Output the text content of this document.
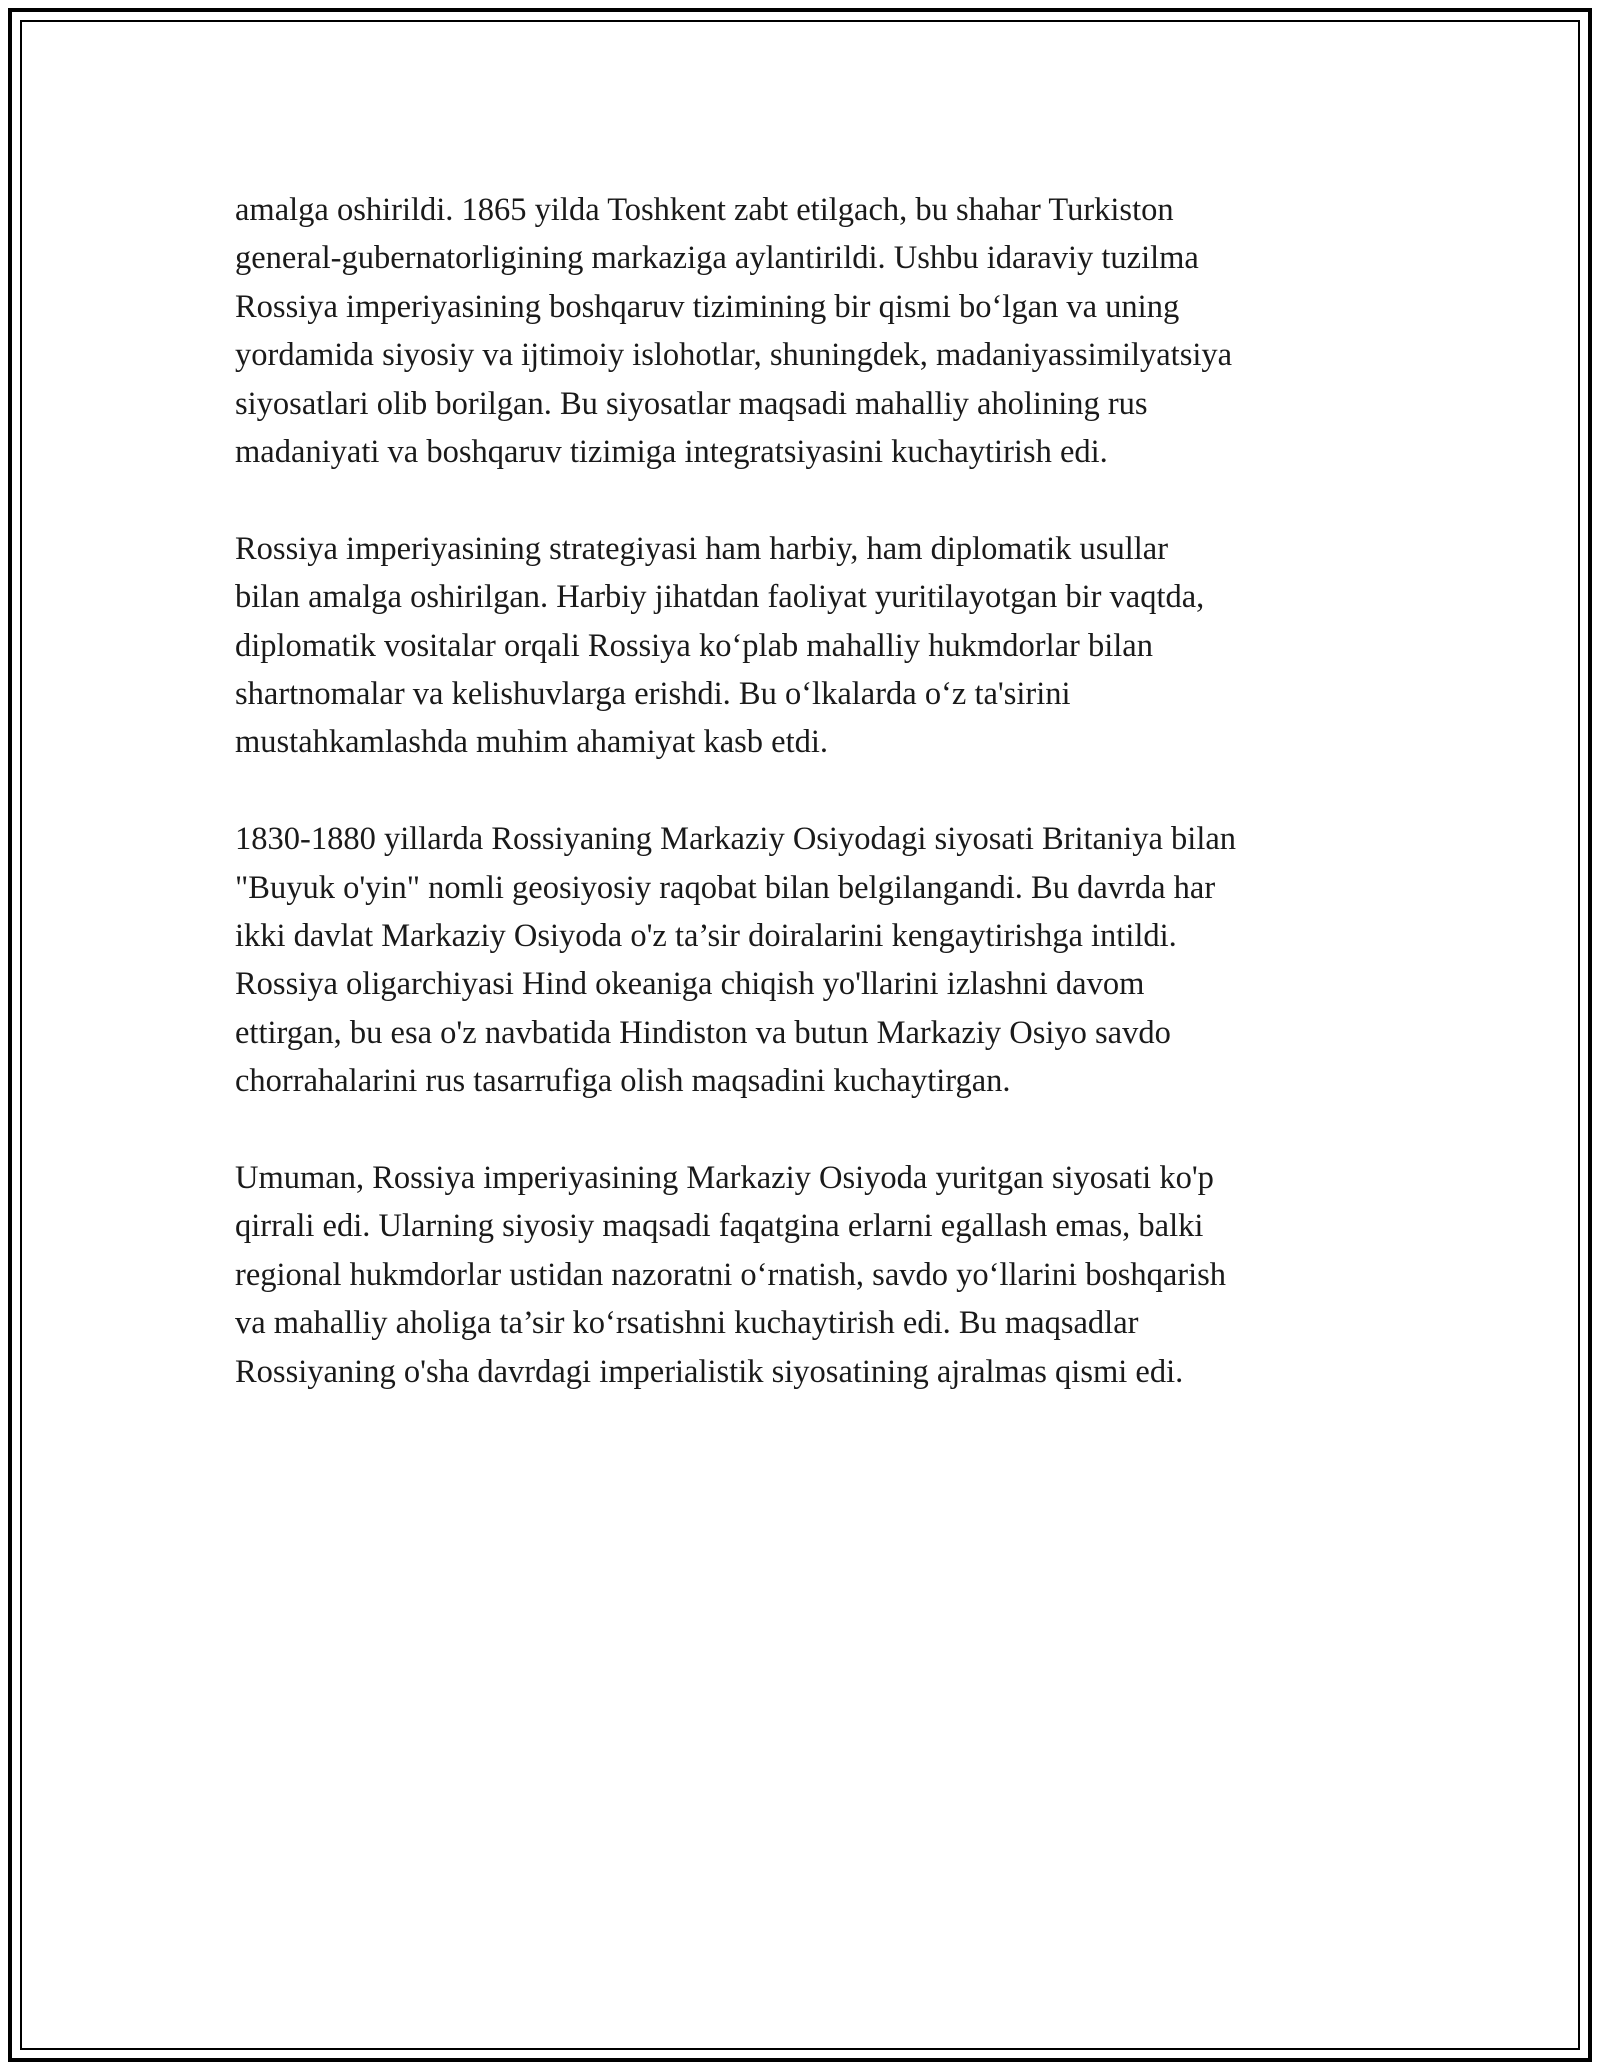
amalga oshirildi. 1865 yilda Toshkent zabt etilgach, bu shahar Turkiston
general-gubernatorligining markaziga aylantirildi. Ushbu idaraviy tuzilma
Rossiya imperiyasining boshqaruv tizimining bir qismi bo‘lgan va uning
yordamida siyosiy va ijtimoiy islohotlar, shuningdek, madaniyassimilyatsiya
siyosatlari olib borilgan. Bu siyosatlar maqsadi mahalliy aholining rus
madaniyati va boshqaruv tizimiga integratsiyasini kuchaytirish edi.

Rossiya imperiyasining strategiyasi ham harbiy, ham diplomatik usullar
bilan amalga oshirilgan. Harbiy jihatdan faoliyat yuritilayotgan bir vaqtda,
diplomatik vositalar orqali Rossiya ko‘plab mahalliy hukmdorlar bilan
shartnomalar va kelishuvlarga erishdi. Bu o‘lkalarda o‘z ta'sirini
mustahkamlashda muhim ahamiyat kasb etdi.

1830-1880 yillarda Rossiyaning Markaziy Osiyodagi siyosati Britaniya bilan
"Buyuk o'yin" nomli geosiyosiy raqobat bilan belgilangandi. Bu davrda har
ikki davlat Markaziy Osiyoda o'z ta’sir doiralarini kengaytirishga intildi.
Rossiya oligarchiyasi Hind okeaniga chiqish yo'llarini izlashni davom
ettirgan, bu esa o'z navbatida Hindiston va butun Markaziy Osiyo savdo
chorrahalarini rus tasarrufiga olish maqsadini kuchaytirgan.

Umuman, Rossiya imperiyasining Markaziy Osiyoda yuritgan siyosati ko'p
qirrali edi. Ularning siyosiy maqsadi faqatgina erlarni egallash emas, balki
regional hukmdorlar ustidan nazoratni o‘rnatish, savdo yo‘llarini boshqarish
va mahalliy aholiga ta’sir ko‘rsatishni kuchaytirish edi. Bu maqsadlar
Rossiyaning o'sha davrdagi imperialistik siyosatining ajralmas qismi edi.
